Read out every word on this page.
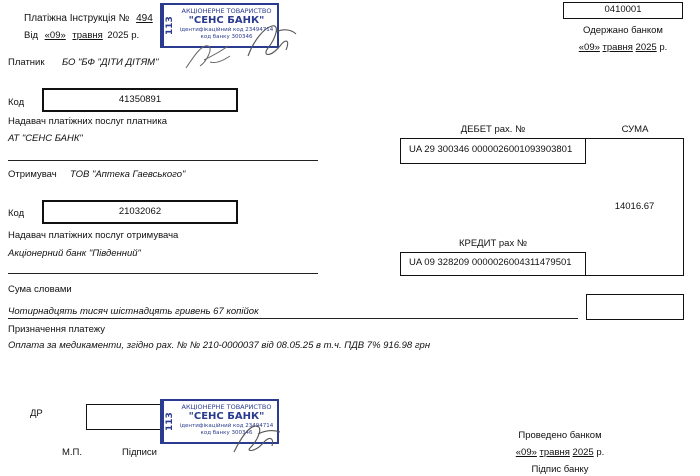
Платіжна Інструкція № 494
Від «09» травня 2025 р.
113
АКЦІОНЕРНЕ ТОВАРИСТВО
"СЕНС БАНК"
ідентифікаційний код 23494714
код банку 300346
0410001
Одержано банком
«09» травня 2025 р.
Платник БО "БФ "ДІТИ ДІТЯМ"
Код	41350891
Надавач платіжних послуг платника
АТ "СЕНС БАНК"
Отримувач ТОВ "Аптека Гаевського"
Код	21032062
Надавач платіжних послуг отримувача
Акціонерний банк "Південний"
ДЕБЕТ рах. №
UA 29 300346 0000026001093903801
СУМА
14016.67
КРЕДИТ рах №
UA 09 328209 0000026004311479501
Сума словами
Чотирнадцять тисяч шістнадцять гривень 67 копійок
Призначення платежу
Оплата за медикаменти, згідно рах. № № 210-0000037 від 08.05.25 в т.ч. ПДВ 7% 916.98 грн
ДР	113
АКЦІОНЕРНЕ ТОВАРИСТВО
"СЕНС БАНК"
ідентифікаційний код 23494714
код банку 300346
М.П.	Підписи
Проведено банком
«09» травня 2025 р.
Підпис банку
